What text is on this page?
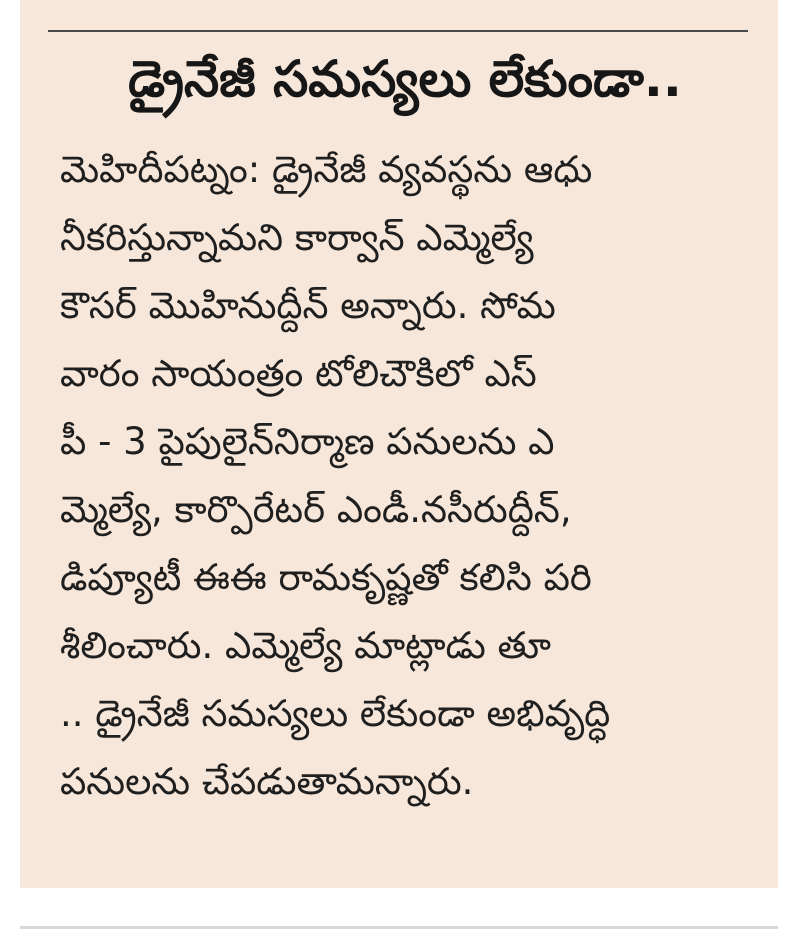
డ్రైనేజీ సమస్యలు లేకుండా..
మెహిదీపట్నం: డ్రైనేజీ వ్యవస్థను ఆధు
నీకరిస్తున్నామని కార్వాన్ ఎమ్మెల్యే
కౌసర్ మొహినుద్దీన్ అన్నారు. సోమ
వారం సాయంత్రం టోలిచౌకిలో ఎస్
పీ - 3 పైపులైన్‌నిర్మాణ పనులను ఎ
మ్మెల్యే, కార్పొరేటర్ ఎండీ.నసీరుద్దీన్,
డిప్యూటీ ఈఈ రామకృష్ణతో కలిసి పరి
శీలించారు. ఎమ్మెల్యే మాట్లాడు తూ
.. డ్రైనేజీ సమస్యలు లేకుండా అభివృద్ధి
పనులను చేపడుతామన్నారు.
